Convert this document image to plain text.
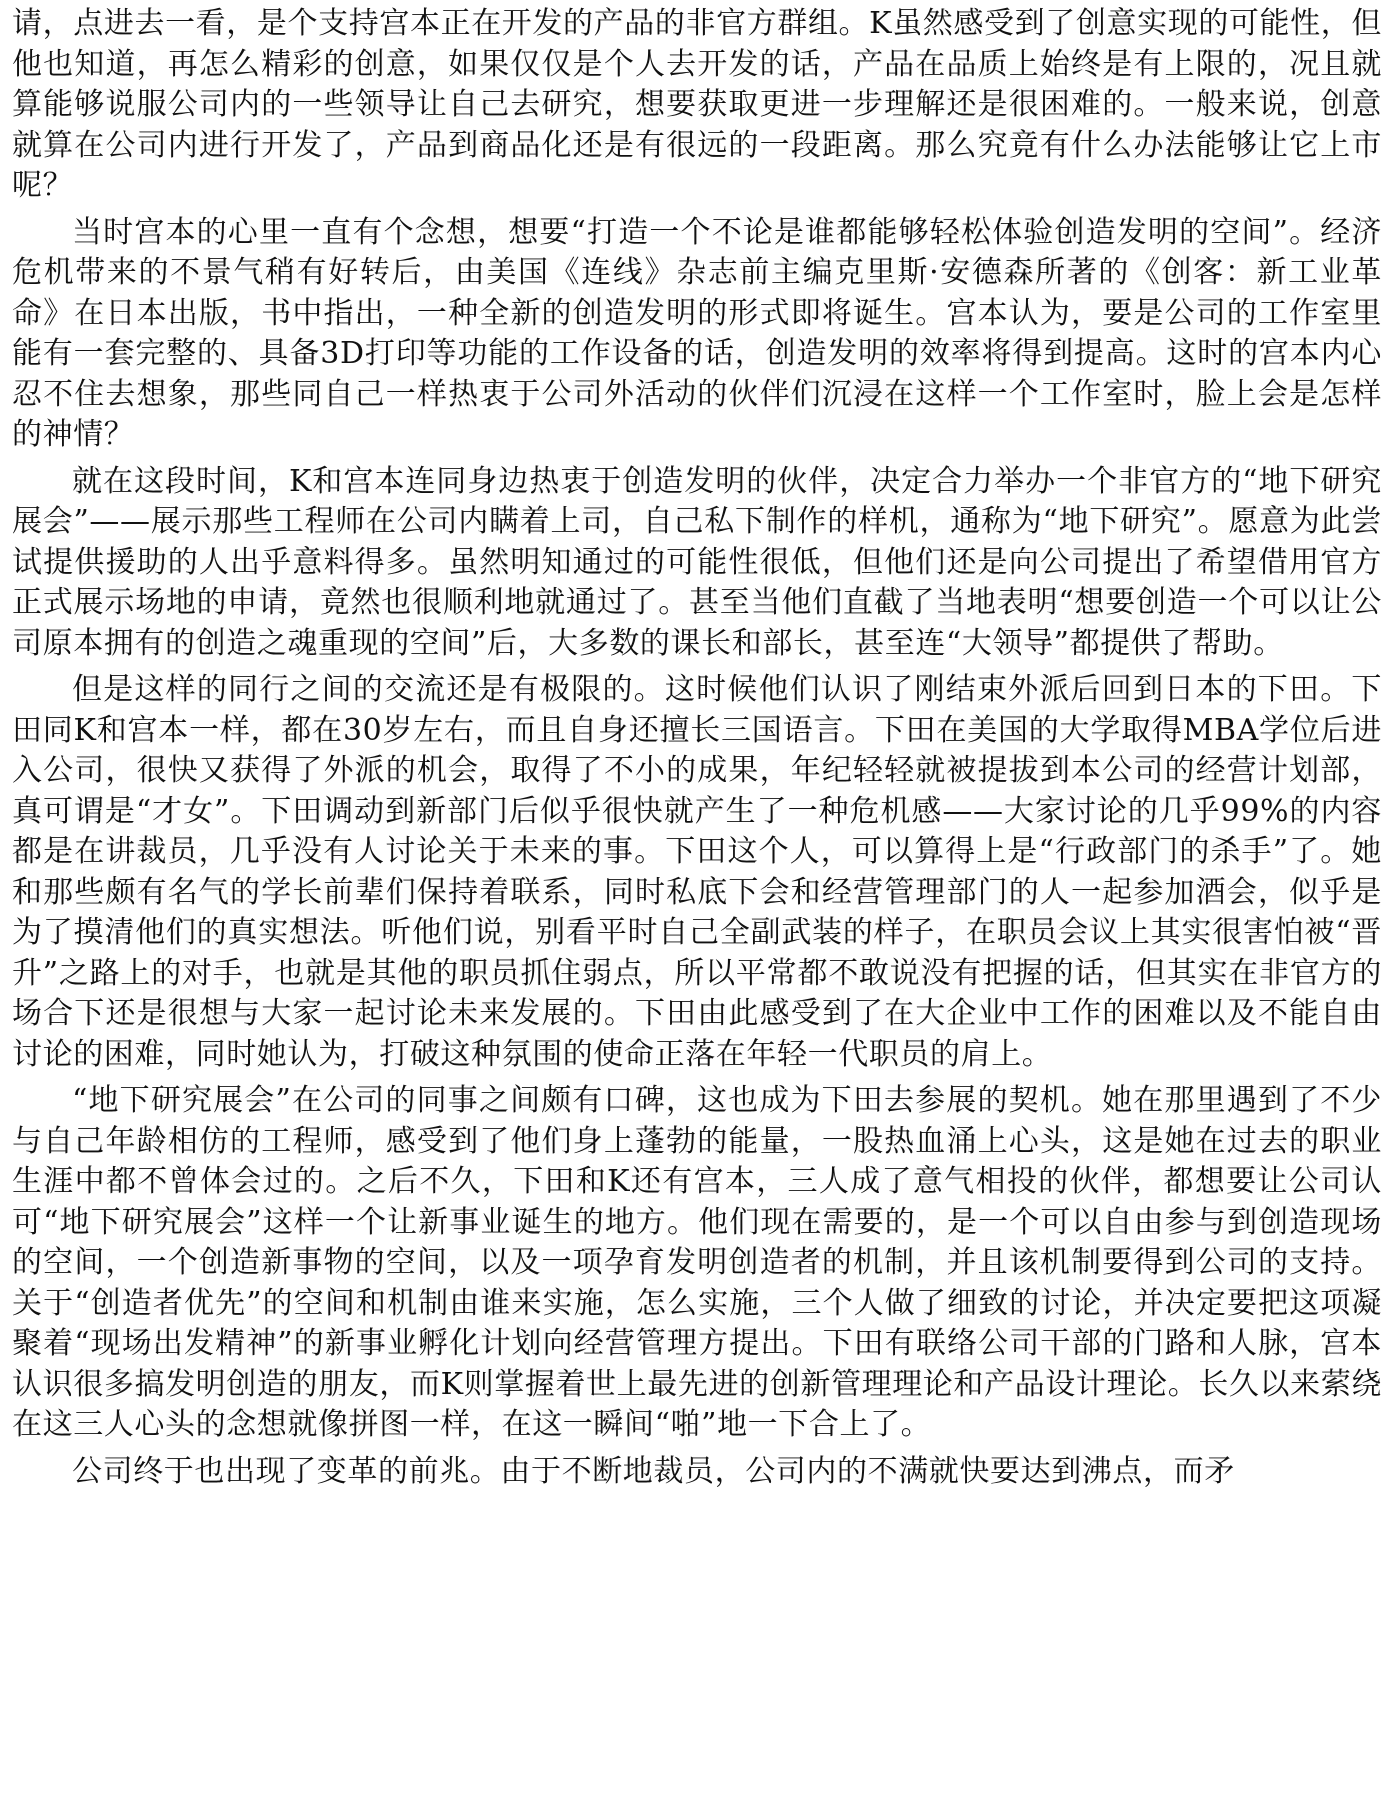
请，点进去一看，是个支持宫本正在开发的产品的非官方群组。K虽然感受到了创意实现的可能性，但他也知道，再怎么精彩的创意，如果仅仅是个人去开发的话，产品在品质上始终是有上限的，况且就算能够说服公司内的一些领导让自己去研究，想要获取更进一步理解还是很困难的。一般来说，创意就算在公司内进行开发了，产品到商品化还是有很远的一段距离。那么究竟有什么办法能够让它上市呢？

当时宫本的心里一直有个念想，想要“打造一个不论是谁都能够轻松体验创造发明的空间”。经济危机带来的不景气稍有好转后，由美国《连线》杂志前主编克里斯·安德森所著的《创客：新工业革命》在日本出版，书中指出，一种全新的创造发明的形式即将诞生。宫本认为，要是公司的工作室里能有一套完整的、具备3D打印等功能的工作设备的话，创造发明的效率将得到提高。这时的宫本内心忍不住去想象，那些同自己一样热衷于公司外活动的伙伴们沉浸在这样一个工作室时，脸上会是怎样的神情？

就在这段时间，K和宫本连同身边热衷于创造发明的伙伴，决定合力举办一个非官方的“地下研究展会”——展示那些工程师在公司内瞒着上司，自己私下制作的样机，通称为“地下研究”。愿意为此尝试提供援助的人出乎意料得多。虽然明知通过的可能性很低，但他们还是向公司提出了希望借用官方正式展示场地的申请，竟然也很顺利地就通过了。甚至当他们直截了当地表明“想要创造一个可以让公司原本拥有的创造之魂重现的空间”后，大多数的课长和部长，甚至连“大领导”都提供了帮助。

但是这样的同行之间的交流还是有极限的。这时候他们认识了刚结束外派后回到日本的下田。下田同K和宫本一样，都在30岁左右，而且自身还擅长三国语言。下田在美国的大学取得MBA学位后进入公司，很快又获得了外派的机会，取得了不小的成果，年纪轻轻就被提拔到本公司的经营计划部，真可谓是“才女”。下田调动到新部门后似乎很快就产生了一种危机感——大家讨论的几乎99%的内容都是在讲裁员，几乎没有人讨论关于未来的事。下田这个人，可以算得上是“行政部门的杀手”了。她和那些颇有名气的学长前辈们保持着联系，同时私底下会和经营管理部门的人一起参加酒会，似乎是为了摸清他们的真实想法。听他们说，别看平时自己全副武装的样子，在职员会议上其实很害怕被“晋升”之路上的对手，也就是其他的职员抓住弱点，所以平常都不敢说没有把握的话，但其实在非官方的场合下还是很想与大家一起讨论未来发展的。下田由此感受到了在大企业中工作的困难以及不能自由讨论的困难，同时她认为，打破这种氛围的使命正落在年轻一代职员的肩上。

“地下研究展会”在公司的同事之间颇有口碑，这也成为下田去参展的契机。她在那里遇到了不少与自己年龄相仿的工程师，感受到了他们身上蓬勃的能量，一股热血涌上心头，这是她在过去的职业生涯中都不曾体会过的。之后不久，下田和K还有宫本，三人成了意气相投的伙伴，都想要让公司认可“地下研究展会”这样一个让新事业诞生的地方。他们现在需要的，是一个可以自由参与到创造现场的空间，一个创造新事物的空间，以及一项孕育发明创造者的机制，并且该机制要得到公司的支持。关于“创造者优先”的空间和机制由谁来实施，怎么实施，三个人做了细致的讨论，并决定要把这项凝聚着“现场出发精神”的新事业孵化计划向经营管理方提出。下田有联络公司干部的门路和人脉，宫本认识很多搞发明创造的朋友，而K则掌握着世上最先进的创新管理理论和产品设计理论。长久以来萦绕在这三人心头的念想就像拼图一样，在这一瞬间“啪”地一下合上了。

公司终于也出现了变革的前兆。由于不断地裁员，公司内的不满就快要达到沸点，而矛
